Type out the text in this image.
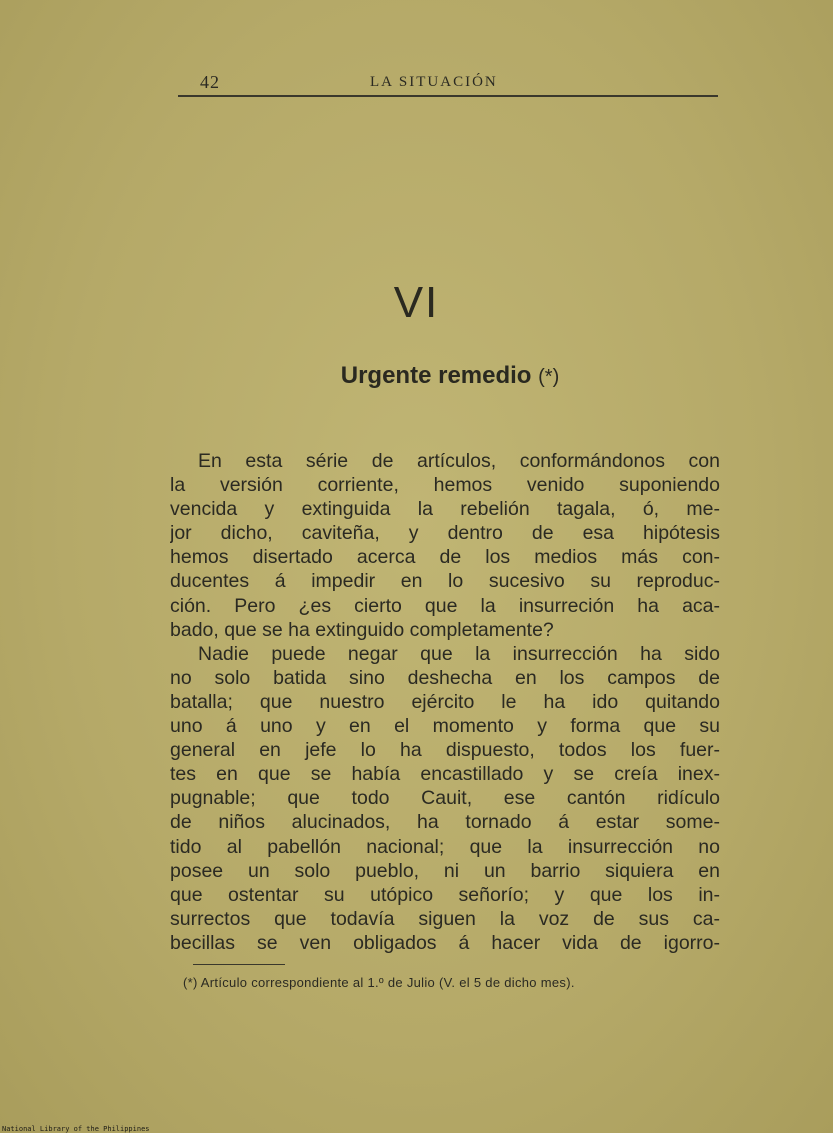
42	LA SITUACIÓN
VI
Urgente remedio (*)
En esta série de artículos, conformándonos con
la versión corriente, hemos venido suponiendo
vencida y extinguida la rebelión tagala, ó, me-
jor dicho, caviteña, y dentro de esa hipótesis
hemos disertado acerca de los medios más con-
ducentes á impedir en lo sucesivo su reproduc-
ción. Pero ¿es cierto que la insurreción ha aca-
bado, que se ha extinguido completamente?
Nadie puede negar que la insurrección ha sido
no solo batida sino deshecha en los campos de
batalla; que nuestro ejército le ha ido quitando
uno á uno y en el momento y forma que su
general en jefe lo ha dispuesto, todos los fuer-
tes en que se había encastillado y se creía inex-
pugnable; que todo Cauit, ese cantón ridículo
de niños alucinados, ha tornado á estar some-
tido al pabellón nacional; que la insurrección no
posee un solo pueblo, ni un barrio siquiera en
que ostentar su utópico señorío; y que los in-
surrectos que todavía siguen la voz de sus ca-
becillas se ven obligados á hacer vida de igorro-
(*) Artículo correspondiente al 1.º de Julio (V. el 5 de dicho mes).
National Library of the Philippines
